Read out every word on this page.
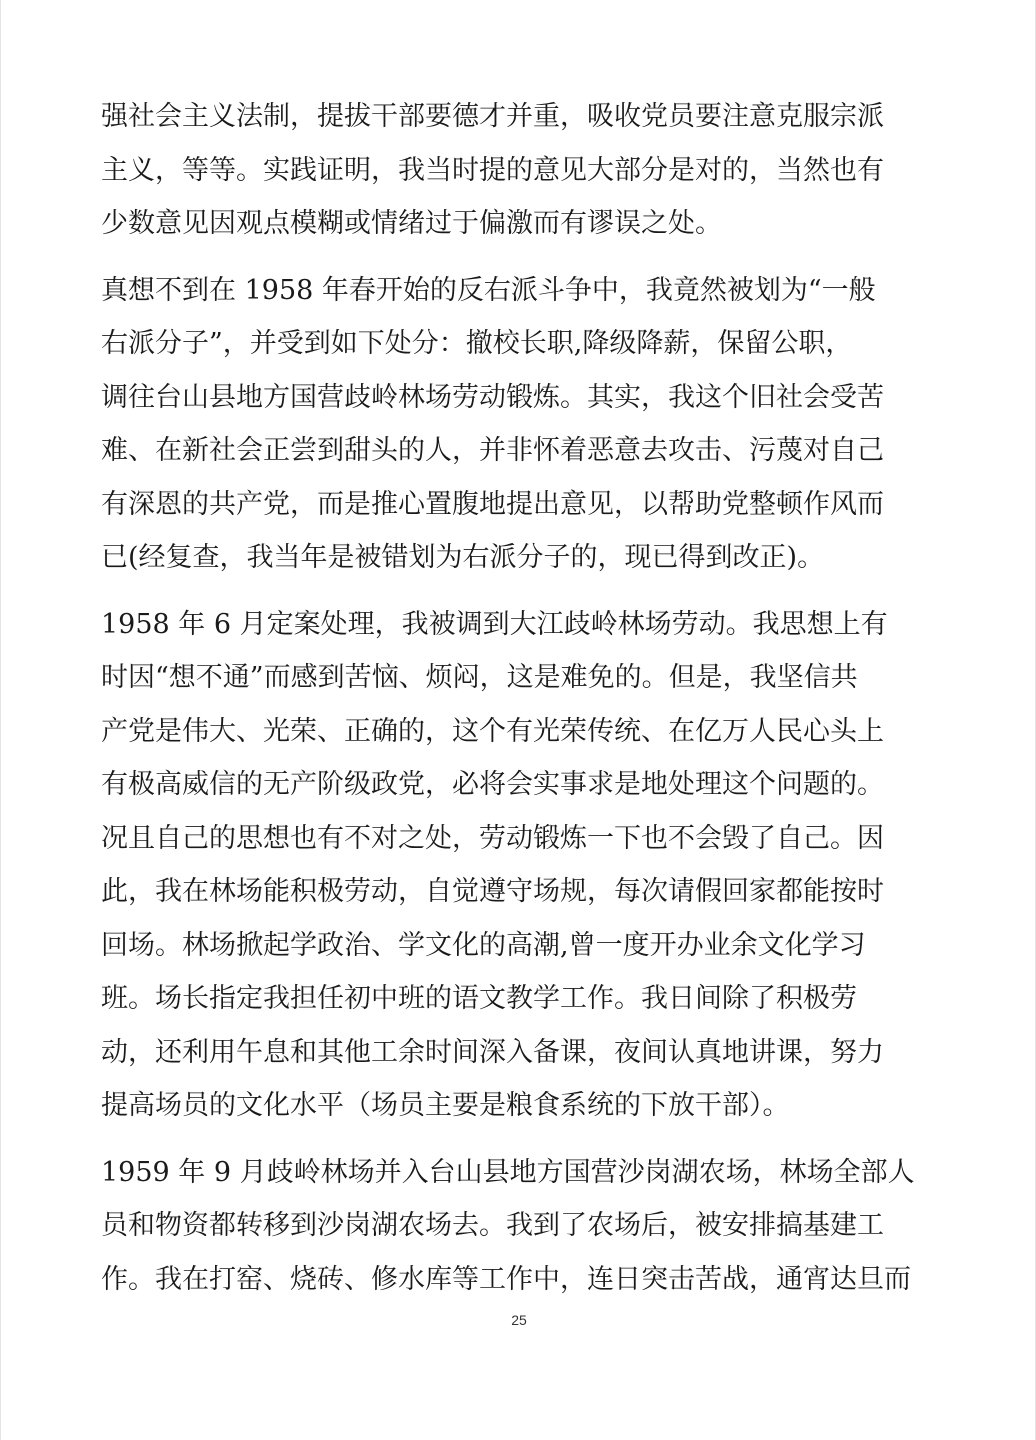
强社会主义法制，提拔干部要德才并重，吸收党员要注意克服宗派
主义，等等。实践证明，我当时提的意见大部分是对的，当然也有
少数意见因观点模糊或情绪过于偏激而有谬误之处。

真想不到在 1958 年春开始的反右派斗争中，我竟然被划为“一般
右派分子”，并受到如下处分：撤校长职,降级降薪，保留公职，
调往台山县地方国营歧岭林场劳动锻炼。其实，我这个旧社会受苦
难、在新社会正尝到甜头的人，并非怀着恶意去攻击、污蔑对自己
有深恩的共产党，而是推心置腹地提出意见，以帮助党整顿作风而
已(经复查，我当年是被错划为右派分子的，现已得到改正)。

1958 年 6 月定案处理，我被调到大江歧岭林场劳动。我思想上有
时因“想不通”而感到苦恼、烦闷，这是难免的。但是，我坚信共
产党是伟大、光荣、正确的，这个有光荣传统、在亿万人民心头上
有极高威信的无产阶级政党，必将会实事求是地处理这个问题的。
况且自己的思想也有不对之处，劳动锻炼一下也不会毁了自己。因
此，我在林场能积极劳动，自觉遵守场规，每次请假回家都能按时
回场。林场掀起学政治、学文化的高潮,曾一度开办业余文化学习
班。场长指定我担任初中班的语文教学工作。我日间除了积极劳
动，还利用午息和其他工余时间深入备课，夜间认真地讲课，努力
提高场员的文化水平（场员主要是粮食系统的下放干部）。

1959 年 9 月歧岭林场并入台山县地方国营沙岗湖农场，林场全部人
员和物资都转移到沙岗湖农场去。我到了农场后，被安排搞基建工
作。我在打窑、烧砖、修水库等工作中，连日突击苦战，通宵达旦而

25
